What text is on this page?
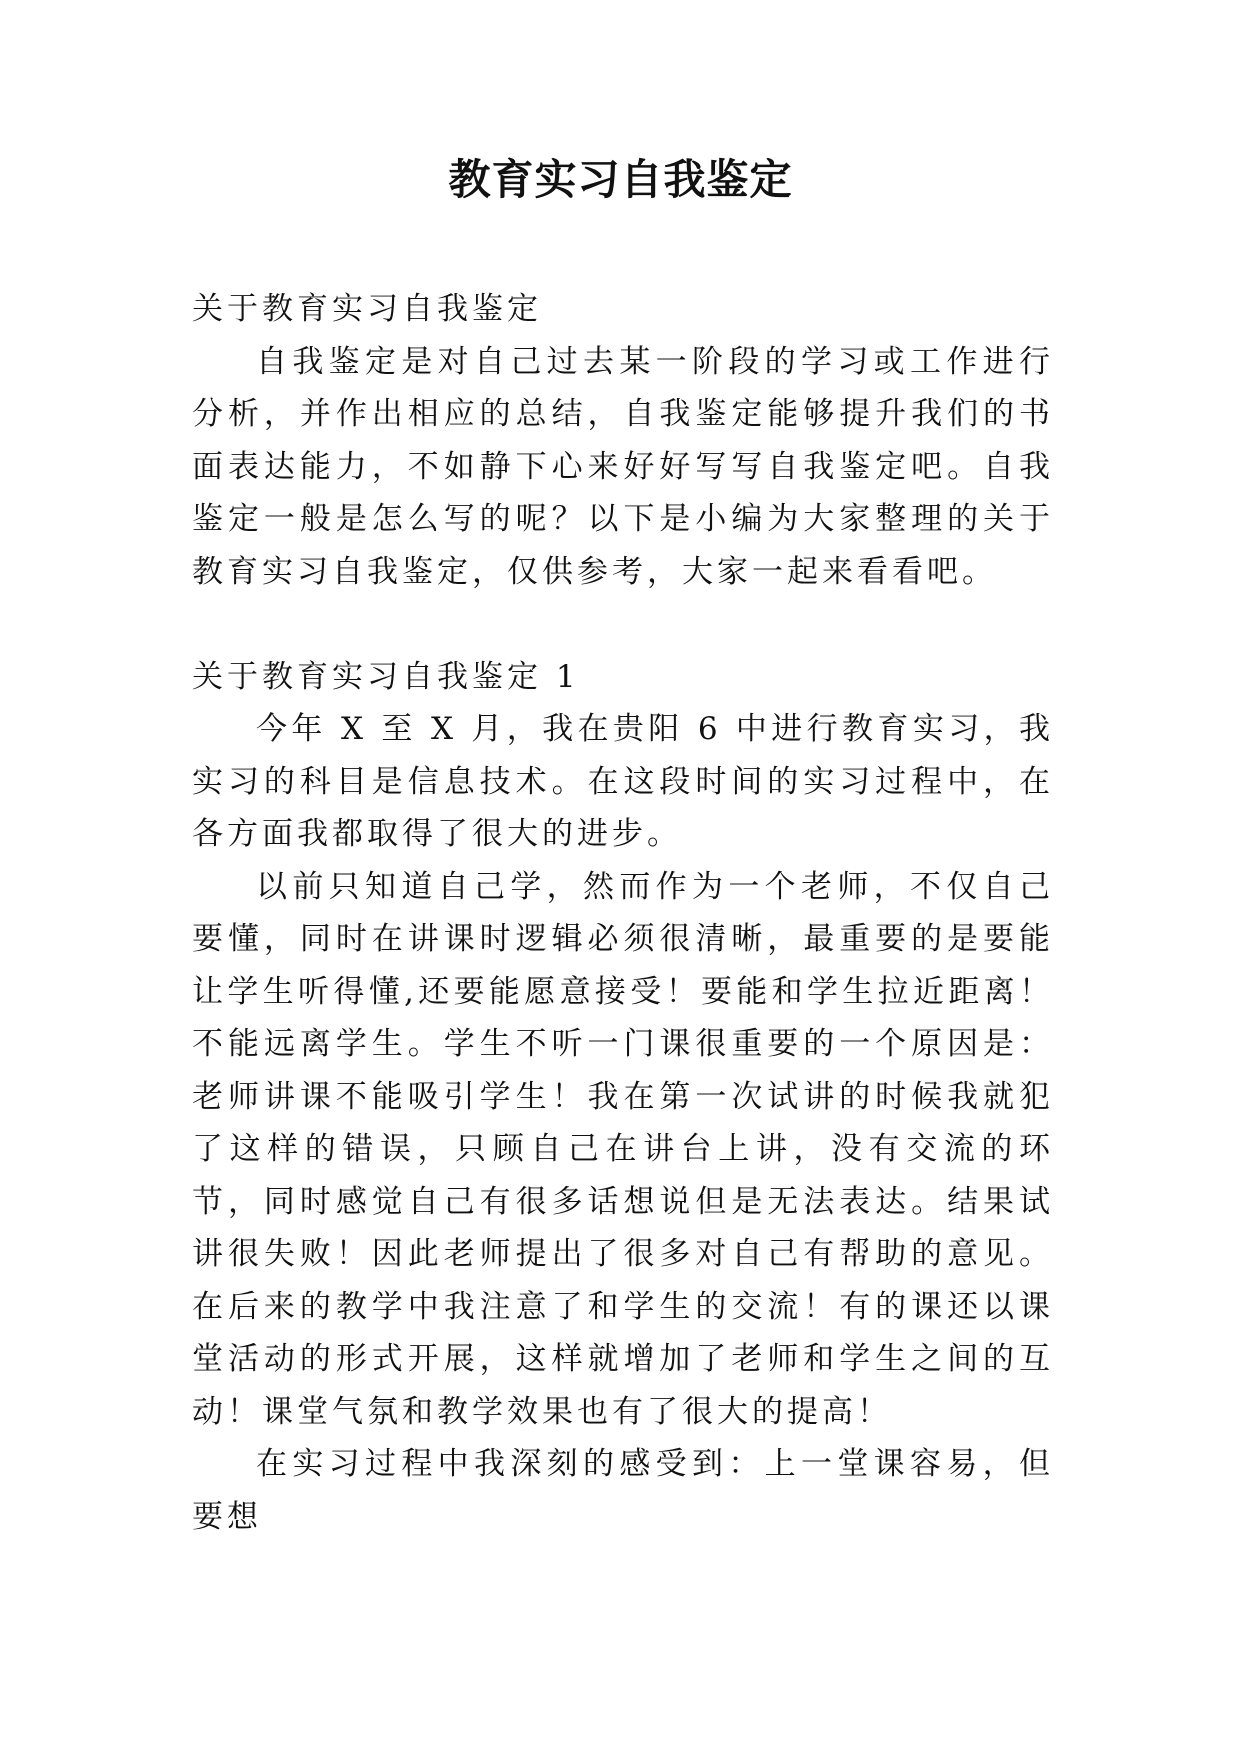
教育实习自我鉴定

关于教育实习自我鉴定

自我鉴定是对自己过去某一阶段的学习或工作进行分析，并作出相应的总结，自我鉴定能够提升我们的书面表达能力，不如静下心来好好写写自我鉴定吧。自我鉴定一般是怎么写的呢？以下是小编为大家整理的关于教育实习自我鉴定，仅供参考，大家一起来看看吧。

关于教育实习自我鉴定 1

今年 X 至 X 月，我在贵阳 6 中进行教育实习，我实习的科目是信息技术。在这段时间的实习过程中，在各方面我都取得了很大的进步。

以前只知道自己学，然而作为一个老师，不仅自己要懂，同时在讲课时逻辑必须很清晰，最重要的是要能让学生听得懂,还要能愿意接受！要能和学生拉近距离！不能远离学生。学生不听一门课很重要的一个原因是：老师讲课不能吸引学生！我在第一次试讲的时候我就犯了这样的错误，只顾自己在讲台上讲，没有交流的环节，同时感觉自己有很多话想说但是无法表达。结果试讲很失败！因此老师提出了很多对自己有帮助的意见。在后来的教学中我注意了和学生的交流！有的课还以课堂活动的形式开展，这样就增加了老师和学生之间的互动！课堂气氛和教学效果也有了很大的提高！

在实习过程中我深刻的感受到：上一堂课容易，但要想
